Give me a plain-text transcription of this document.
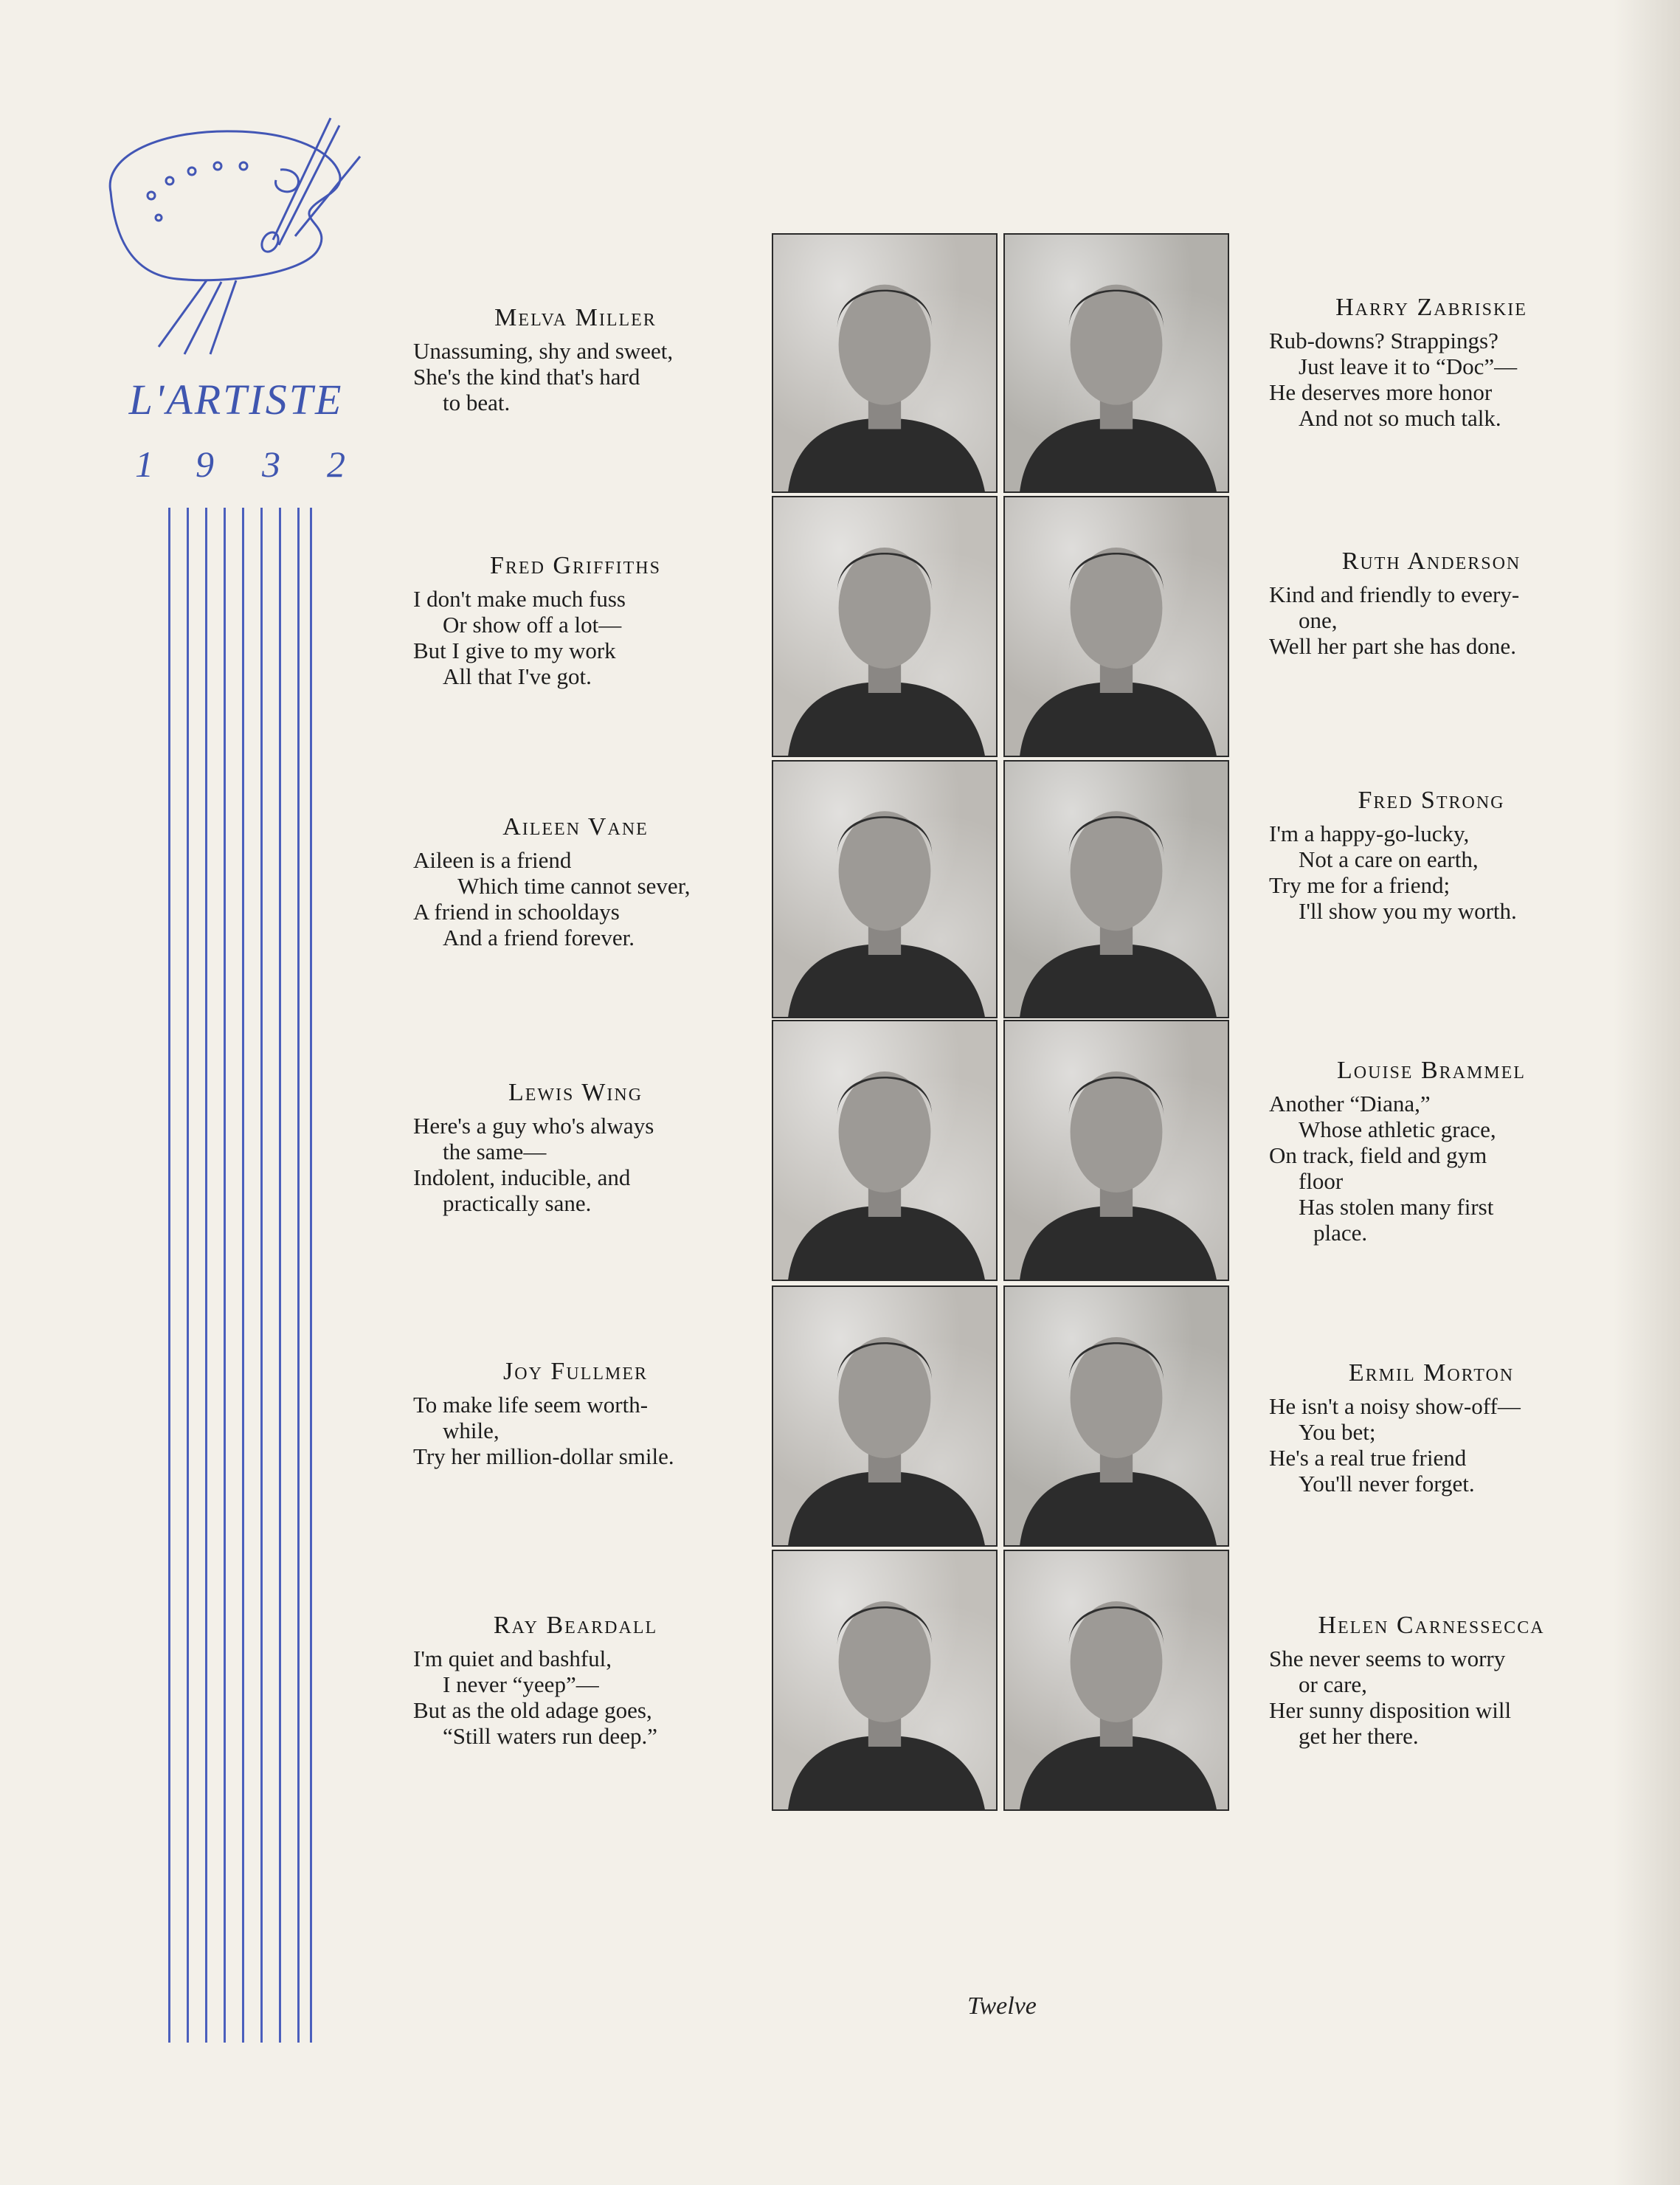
L'ARTISTE
1 9 3 2
Melva Miller
Unassuming, shy and sweet,
She's the kind that's hard
to beat.
Fred Griffiths
I don't make much fuss
Or show off a lot—
But I give to my work
All that I've got.
Aileen Vane
Aileen is a friend
Which time cannot sever,
A friend in schooldays
And a friend forever.
Lewis Wing
Here's a guy who's always
the same—
Indolent, inducible, and
practically sane.
Joy Fullmer
To make life seem worth-
while,
Try her million-dollar smile.
Ray Beardall
I'm quiet and bashful,
I never “yeep”—
But as the old adage goes,
“Still waters run deep.”
Harry Zabriskie
Rub-downs? Strappings?
Just leave it to “Doc”—
He deserves more honor
And not so much talk.
Ruth Anderson
Kind and friendly to every-
one,
Well her part she has done.
Fred Strong
I'm a happy-go-lucky,
Not a care on earth,
Try me for a friend;
I'll show you my worth.
Louise Brammel
Another “Diana,”
Whose athletic grace,
On track, field and gym
floor
Has stolen many first
place.
Ermil Morton
He isn't a noisy show-off—
You bet;
He's a real true friend
You'll never forget.
Helen Carnessecca
She never seems to worry
or care,
Her sunny disposition will
get her there.
Twelve
